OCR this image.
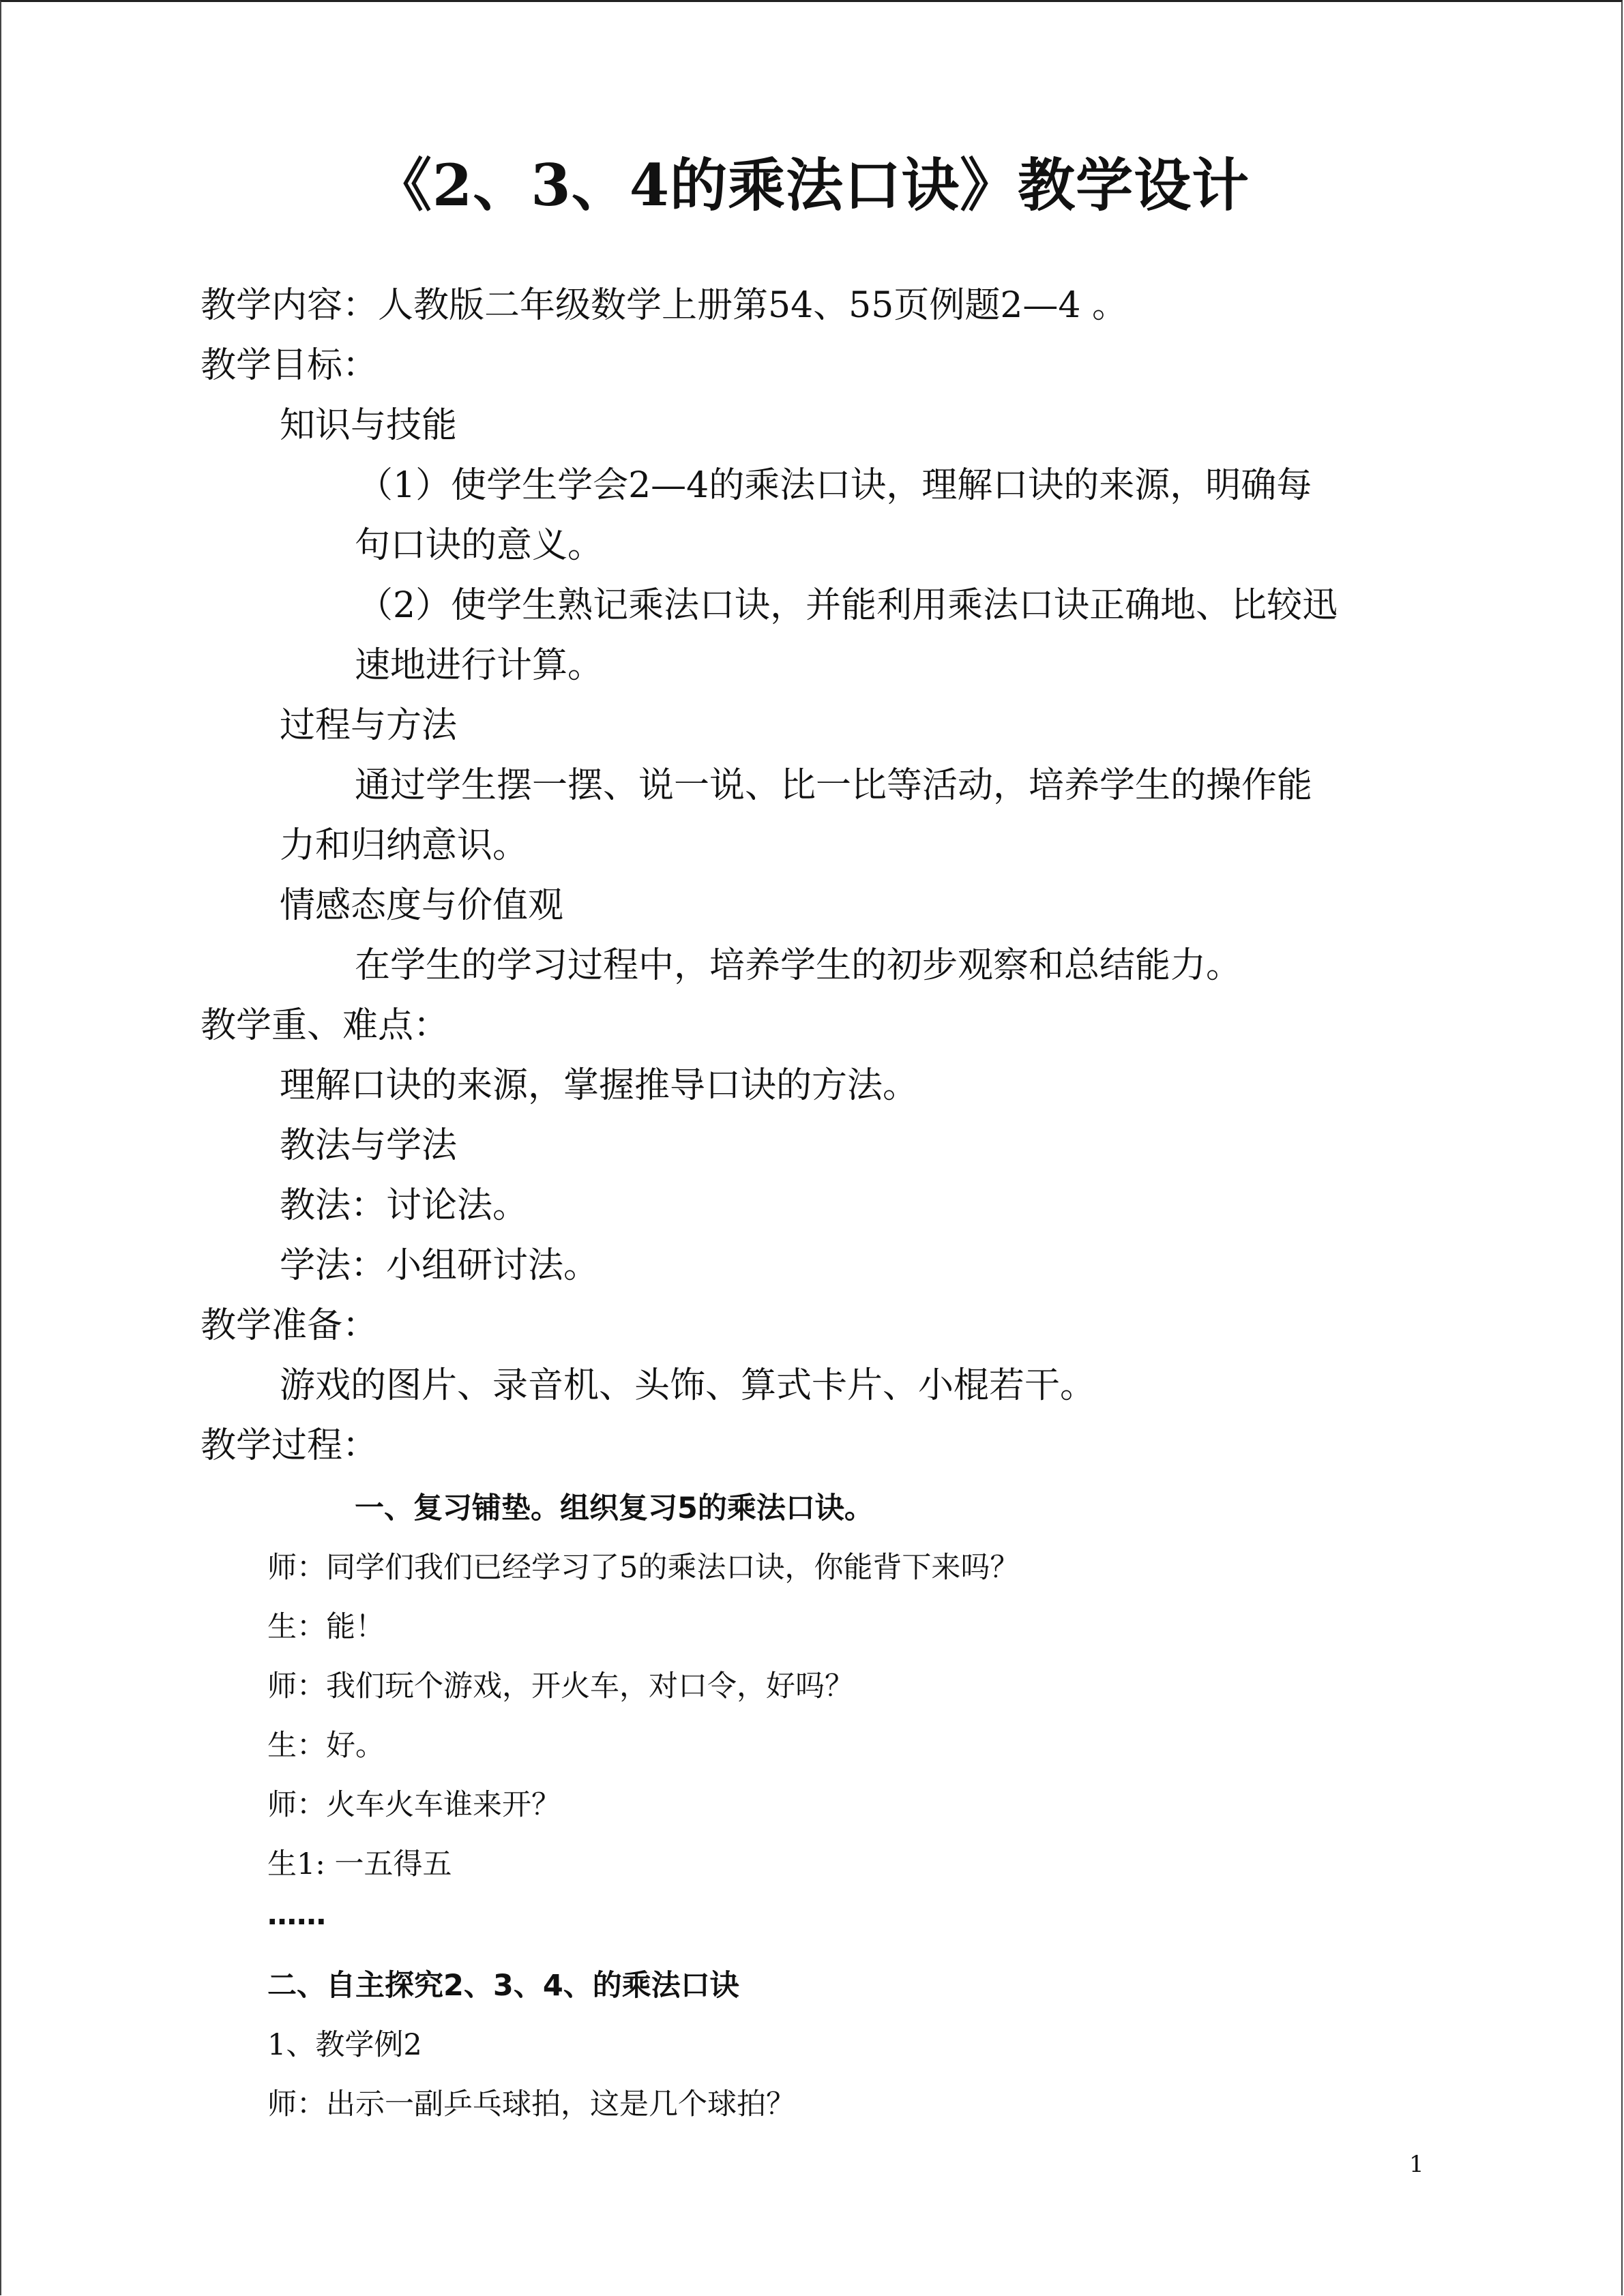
《2、3、4的乘法口诀》教学设计
教学内容：人教版二年级数学上册第54、55页例题2—4 。
教学目标：
知识与技能
（1）使学生学会2—4的乘法口诀，理解口诀的来源，明确每
句口诀的意义。
（2）使学生熟记乘法口诀，并能利用乘法口诀正确地、比较迅
速地进行计算。
过程与方法
通过学生摆一摆、说一说、比一比等活动，培养学生的操作能
力和归纳意识。
情感态度与价值观
在学生的学习过程中，培养学生的初步观察和总结能力。
教学重、难点：
理解口诀的来源，掌握推导口诀的方法。
教法与学法
教法：讨论法。
学法：小组研讨法。
教学准备：
游戏的图片、录音机、头饰、算式卡片、小棍若干。
教学过程：
一、复习铺垫。组织复习5的乘法口诀。
师：同学们我们已经学习了5的乘法口诀，你能背下来吗？
生：能！
师：我们玩个游戏，开火车，对口令，好吗？
生：好。
师：火车火车谁来开？
生1: 一五得五
……
二、自主探究2、3、4、的乘法口诀
1、教学例2
师：出示一副乒乓球拍，这是几个球拍？
1
